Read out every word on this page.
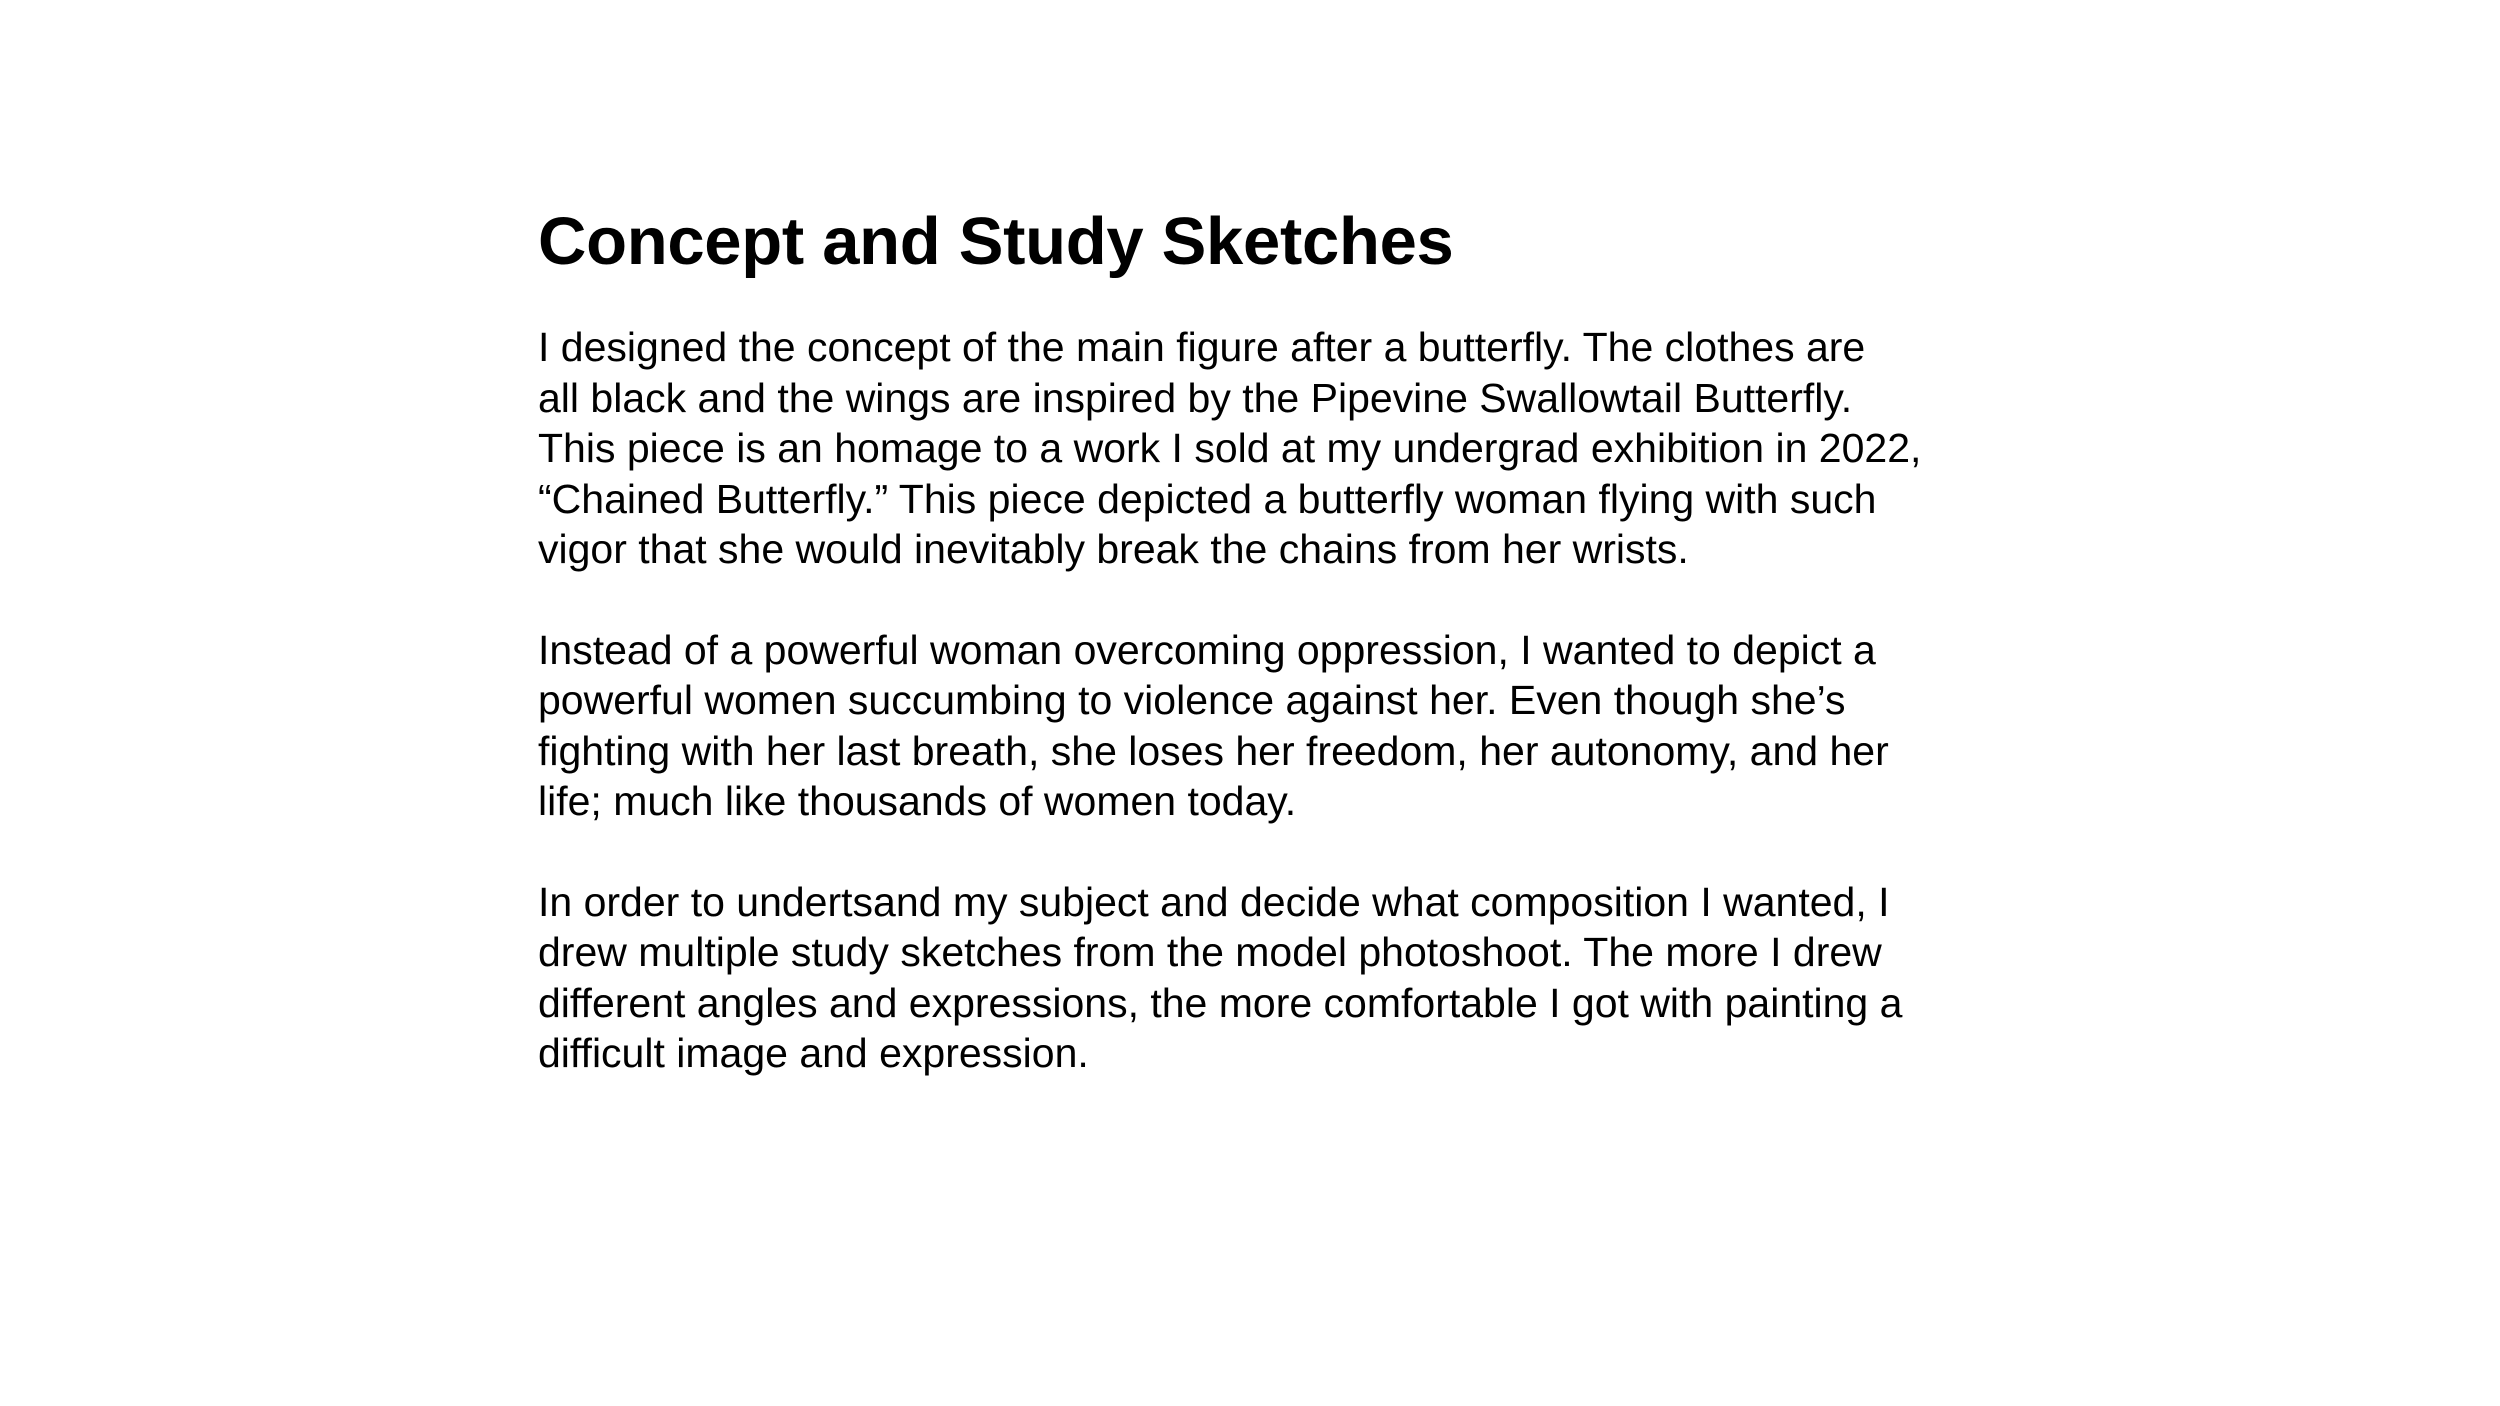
Concept and Study Sketches

I designed the concept of the main figure after a butterfly. The clothes are
all black and the wings are inspired by the Pipevine Swallowtail Butterfly.
This piece is an homage to a work I sold at my undergrad exhibition in 2022,
“Chained Butterfly.” This piece depicted a butterfly woman flying with such
vigor that she would inevitably break the chains from her wrists.

Instead of a powerful woman overcoming oppression, I wanted to depict a
powerful women succumbing to violence against her. Even though she’s
fighting with her last breath, she loses her freedom, her autonomy, and her
life; much like thousands of women today.

In order to undertsand my subject and decide what composition I wanted, I
drew multiple study sketches from the model photoshoot. The more I drew
different angles and expressions, the more comfortable I got with painting a
difficult image and expression.
